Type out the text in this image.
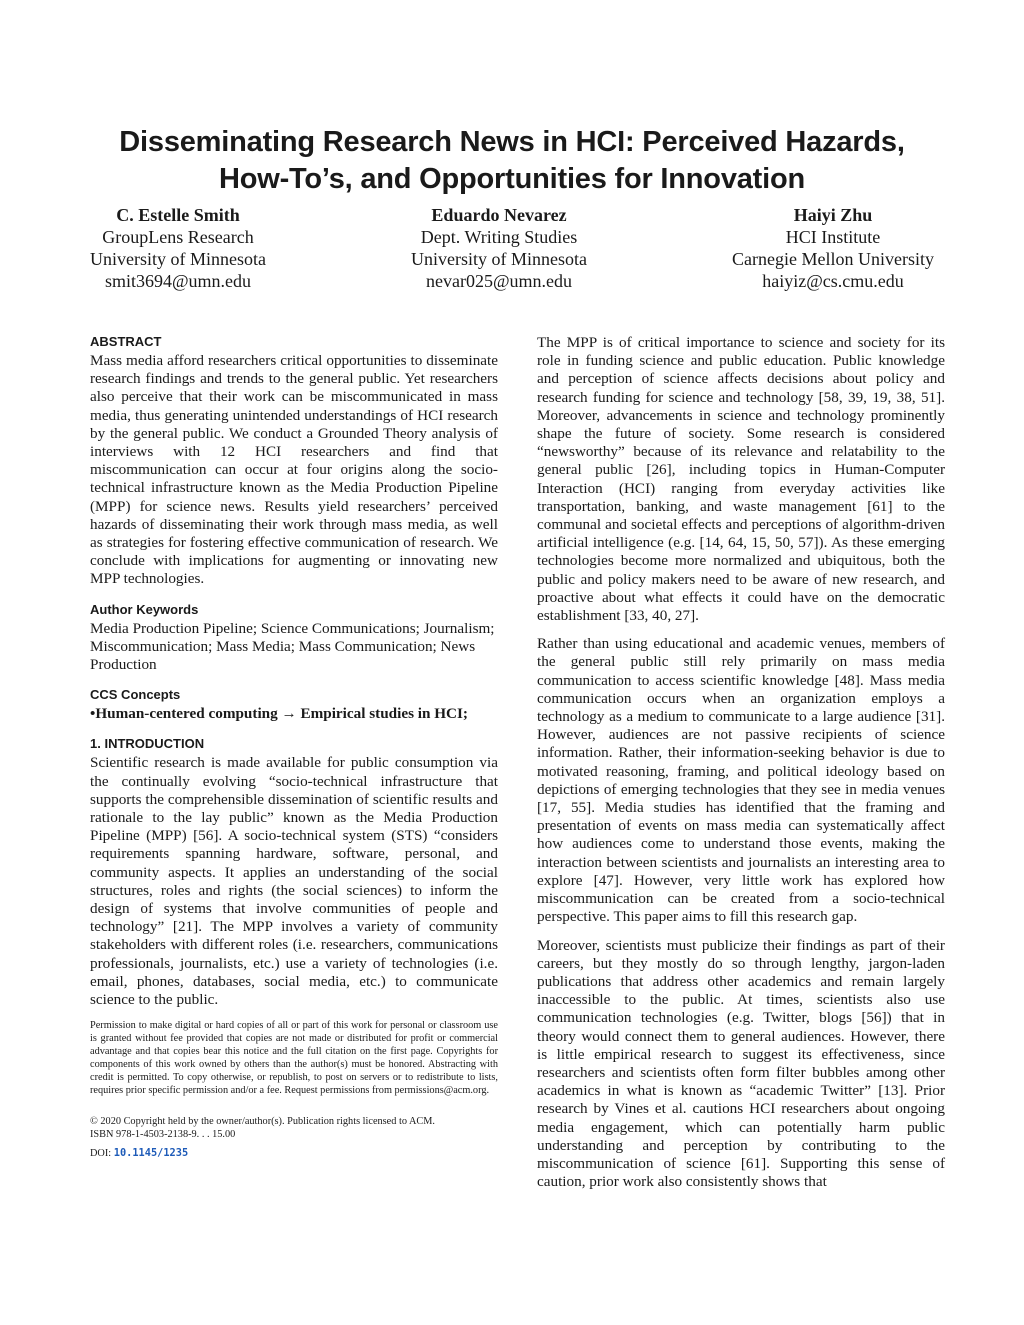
Disseminating Research News in HCI: Perceived Hazards,
How-To’s, and Opportunities for Innovation
C. Estelle Smith
GroupLens Research
University of Minnesota
smit3694@umn.edu
Eduardo Nevarez
Dept. Writing Studies
University of Minnesota
nevar025@umn.edu
Haiyi Zhu
HCI Institute
Carnegie Mellon University
haiyiz@cs.cmu.edu
ABSTRACT

Mass media afford researchers critical opportunities to disseminate research findings and trends to the general public. Yet researchers also perceive that their work can be miscommunicated in mass media, thus generating unintended understandings of HCI research by the general public. We conduct a Grounded Theory analysis of interviews with 12 HCI researchers and find that miscommunication can occur at four origins along the socio-technical infrastructure known as the Media Production Pipeline (MPP) for science news. Results yield researchers’ perceived hazards of disseminating their work through mass media, as well as strategies for fostering effective communication of research. We conclude with implications for augmenting or innovating new MPP technologies.

Author Keywords

Media Production Pipeline; Science Communications; Journalism; Miscommunication; Mass Media; Mass Communication; News Production

CCS Concepts

•Human-centered computing → Empirical studies in HCI;

1. INTRODUCTION

Scientific research is made available for public consumption via the continually evolving “socio-technical infrastructure that supports the comprehensible dissemination of scientific results and rationale to the lay public” known as the Media Production Pipeline (MPP) [56]. A socio-technical system (STS) “considers requirements spanning hardware, software, personal, and community aspects. It applies an understanding of the social structures, roles and rights (the social sciences) to inform the design of systems that involve communities of people and technology” [21]. The MPP involves a variety of community stakeholders with different roles (i.e. researchers, communications professionals, journalists, etc.) use a variety of technologies (i.e. email, phones, databases, social media, etc.) to communicate science to the public.

Permission to make digital or hard copies of all or part of this work for personal or classroom use is granted without fee provided that copies are not made or distributed for profit or commercial advantage and that copies bear this notice and the full citation on the first page. Copyrights for components of this work owned by others than the author(s) must be honored. Abstracting with credit is permitted. To copy otherwise, or republish, to post on servers or to redistribute to lists, requires prior specific permission and/or a fee. Request permissions from permissions@acm.org.

© 2020 Copyright held by the owner/author(s). Publication rights licensed to ACM.
ISBN 978-1-4503-2138-9. . . 15.00

DOI: 10.1145/1235

The MPP is of critical importance to science and society for its role in funding science and public education. Public knowledge and perception of science affects decisions about policy and research funding for science and technology [58, 39, 19, 38, 51]. Moreover, advancements in science and technology prominently shape the future of society. Some research is considered “newsworthy” because of its relevance and relatability to the general public [26], including topics in Human-Computer Interaction (HCI) ranging from everyday activities like transportation, banking, and waste management [61] to the communal and societal effects and perceptions of algorithm-driven artificial intelligence (e.g. [14, 64, 15, 50, 57]). As these emerging technologies become more normalized and ubiquitous, both the public and policy makers need to be aware of new research, and proactive about what effects it could have on the democratic establishment [33, 40, 27].

Rather than using educational and academic venues, members of the general public still rely primarily on mass media communication to access scientific knowledge [48]. Mass media communication occurs when an organization employs a technology as a medium to communicate to a large audience [31]. However, audiences are not passive recipients of science information. Rather, their information-seeking behavior is due to motivated reasoning, framing, and political ideology based on depictions of emerging technologies that they see in media venues [17, 55]. Media studies has identified that the framing and presentation of events on mass media can systematically affect how audiences come to understand those events, making the interaction between scientists and journalists an interesting area to explore [47]. However, very little work has explored how miscommunication can be created from a socio-technical perspective. This paper aims to fill this research gap.

Moreover, scientists must publicize their findings as part of their careers, but they mostly do so through lengthy, jargon-laden publications that address other academics and remain largely inaccessible to the public. At times, scientists also use communication technologies (e.g. Twitter, blogs [56]) that in theory would connect them to general audiences. However, there is little empirical research to suggest its effectiveness, since researchers and scientists often form filter bubbles among other academics in what is known as “academic Twitter” [13]. Prior research by Vines et al. cautions HCI researchers about ongoing media engagement, which can potentially harm public understanding and perception by contributing to the miscommunication of science [61]. Supporting this sense of caution, prior work also consistently shows that
